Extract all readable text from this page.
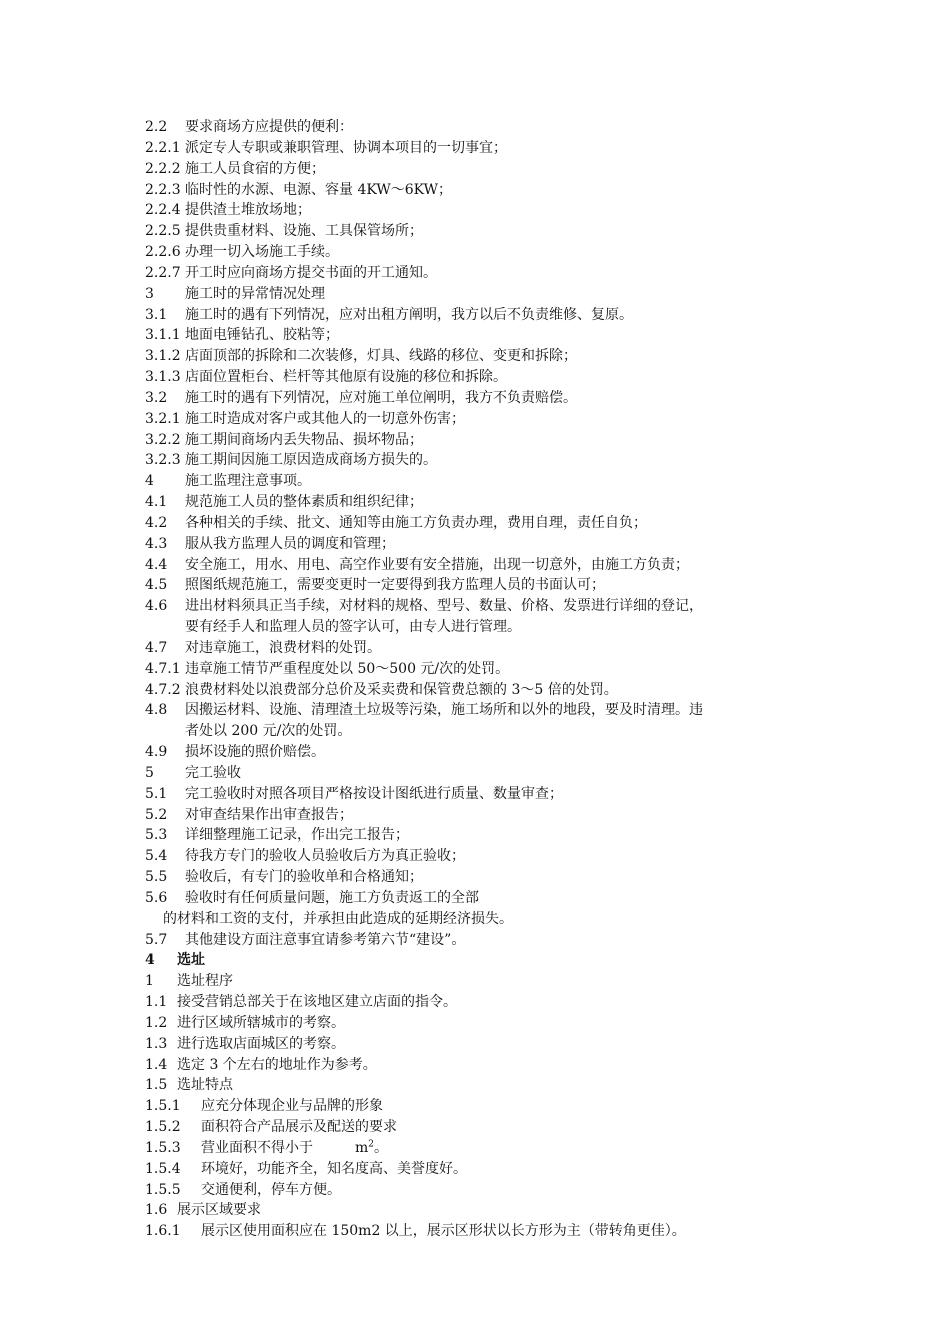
2.2 要求商场方应提供的便利：
2.2.1 派定专人专职或兼职管理、协调本项目的一切事宜；
2.2.2 施工人员食宿的方便；
2.2.3 临时性的水源、电源、容量 4KW～6KW；
2.2.4 提供渣土堆放场地；
2.2.5 提供贵重材料、设施、工具保管场所；
2.2.6 办理一切入场施工手续。
2.2.7 开工时应向商场方提交书面的开工通知。
3 施工时的异常情况处理
3.1 施工时的遇有下列情况，应对出租方阐明，我方以后不负责维修、复原。
3.1.1 地面电锤钻孔、胶粘等；
3.1.2 店面顶部的拆除和二次装修，灯具、线路的移位、变更和拆除；
3.1.3 店面位置柜台、栏杆等其他原有设施的移位和拆除。
3.2 施工时的遇有下列情况，应对施工单位阐明，我方不负责赔偿。
3.2.1 施工时造成对客户或其他人的一切意外伤害；
3.2.2 施工期间商场内丢失物品、损坏物品；
3.2.3 施工期间因施工原因造成商场方损失的。
4 施工监理注意事项。
4.1 规范施工人员的整体素质和组织纪律；
4.2 各种相关的手续、批文、通知等由施工方负责办理，费用自理，责任自负；
4.3 服从我方监理人员的调度和管理；
4.4 安全施工，用水、用电、高空作业要有安全措施，出现一切意外，由施工方负责；
4.5 照图纸规范施工，需要变更时一定要得到我方监理人员的书面认可；
4.6 进出材料须具正当手续，对材料的规格、型号、数量、价格、发票进行详细的登记，
要有经手人和监理人员的签字认可，由专人进行管理。
4.7 对违章施工，浪费材料的处罚。
4.7.1 违章施工情节严重程度处以 50～500 元/次的处罚。
4.7.2 浪费材料处以浪费部分总价及采卖费和保管费总额的 3～5 倍的处罚。
4.8 因搬运材料、设施、清理渣土垃圾等污染，施工场所和以外的地段，要及时清理。违
者处以 200 元/次的处罚。
4.9 损坏设施的照价赔偿。
5 完工验收
5.1 完工验收时对照各项目严格按设计图纸进行质量、数量审查；
5.2 对审查结果作出审查报告；
5.3 详细整理施工记录，作出完工报告；
5.4 待我方专门的验收人员验收后方为真正验收；
5.5 验收后，有专门的验收单和合格通知；
5.6 验收时有任何质量问题，施工方负责返工的全部
的材料和工资的支付，并承担由此造成的延期经济损失。
5.7 其他建设方面注意事宜请参考第六节“建设”。
4 选址
1 选址程序
1.1 接受营销总部关于在该地区建立店面的指令。
1.2 进行区域所辖城市的考察。
1.3 进行选取店面城区的考察。
1.4 选定 3 个左右的地址作为参考。
1.5 选址特点
1.5.1 应充分体现企业与品牌的形象
1.5.2 面积符合产品展示及配送的要求
1.5.3 营业面积不得小于	$m^2$。
1.5.4 环境好，功能齐全，知名度高、美誉度好。
1.5.5 交通便利，停车方便。
1.6 展示区域要求
1.6.1 展示区使用面积应在 150m2 以上，展示区形状以长方形为主（带转角更佳）。
